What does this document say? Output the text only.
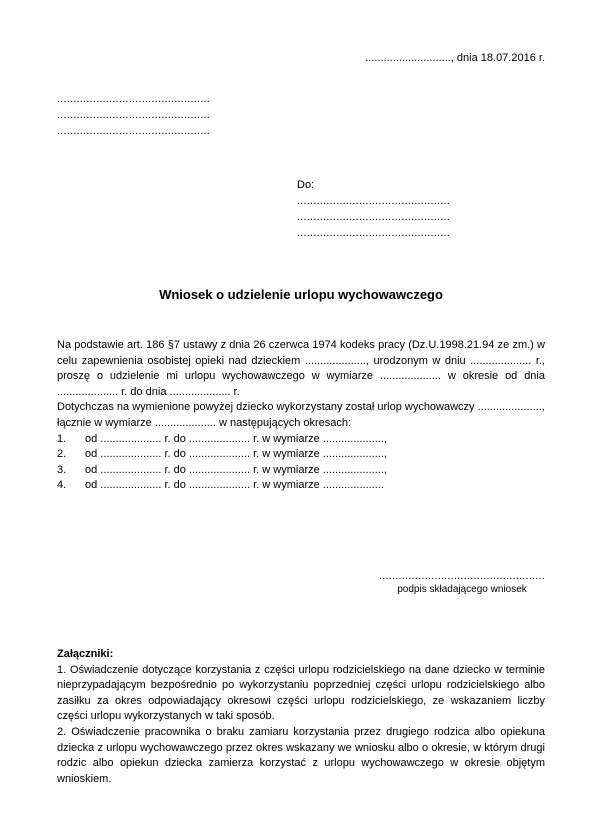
............................, dnia 18.07.2016 r.
...............................................
...............................................
...............................................
Do:
...............................................
...............................................
...............................................
Wniosek o udzielenie urlopu wychowawczego
Na podstawie art. 186 §7 ustawy z dnia 26 czerwca 1974 kodeks pracy (Dz.U.1998.21.94 ze zm.) w celu zapewnienia osobistej opieki nad dzieckiem ...................., urodzonym w dniu .................... r., proszę o udzielenie mi urlopu wychowawczego w wymiarze .................... w okresie od dnia .................... r. do dnia .................... r.
Dotychczas na wymienione powyżej dziecko wykorzystany został urlop wychowawczy ....................., łącznie w wymiarze .................... w następujących okresach:
1.	od .................... r. do .................... r. w wymiarze ....................,
2.	od .................... r. do .................... r. w wymiarze ....................,
3.	od .................... r. do .................... r. w wymiarze ....................,
4.	od .................... r. do .................... r. w wymiarze ....................
...................................................
podpis składającego wniosek
Załączniki:
1. Oświadczenie dotyczące korzystania z części urlopu rodzicielskiego na dane dziecko w terminie nieprzypadającym bezpośrednio po wykorzystaniu poprzedniej części urlopu rodzicielskiego albo zasiłku za okres odpowiadający okresowi części urlopu rodzicielskiego, ze wskazaniem liczby części urlopu wykorzystanych w taki sposób.
2. Oświadczenie pracownika o braku zamiaru korzystania przez drugiego rodzica albo opiekuna dziecka z urlopu wychowawczego przez okres wskazany we wniosku albo o okresie, w którym drugi rodzic albo opiekun dziecka zamierza korzystać z urlopu wychowawczego w okresie objętym wnioskiem.
